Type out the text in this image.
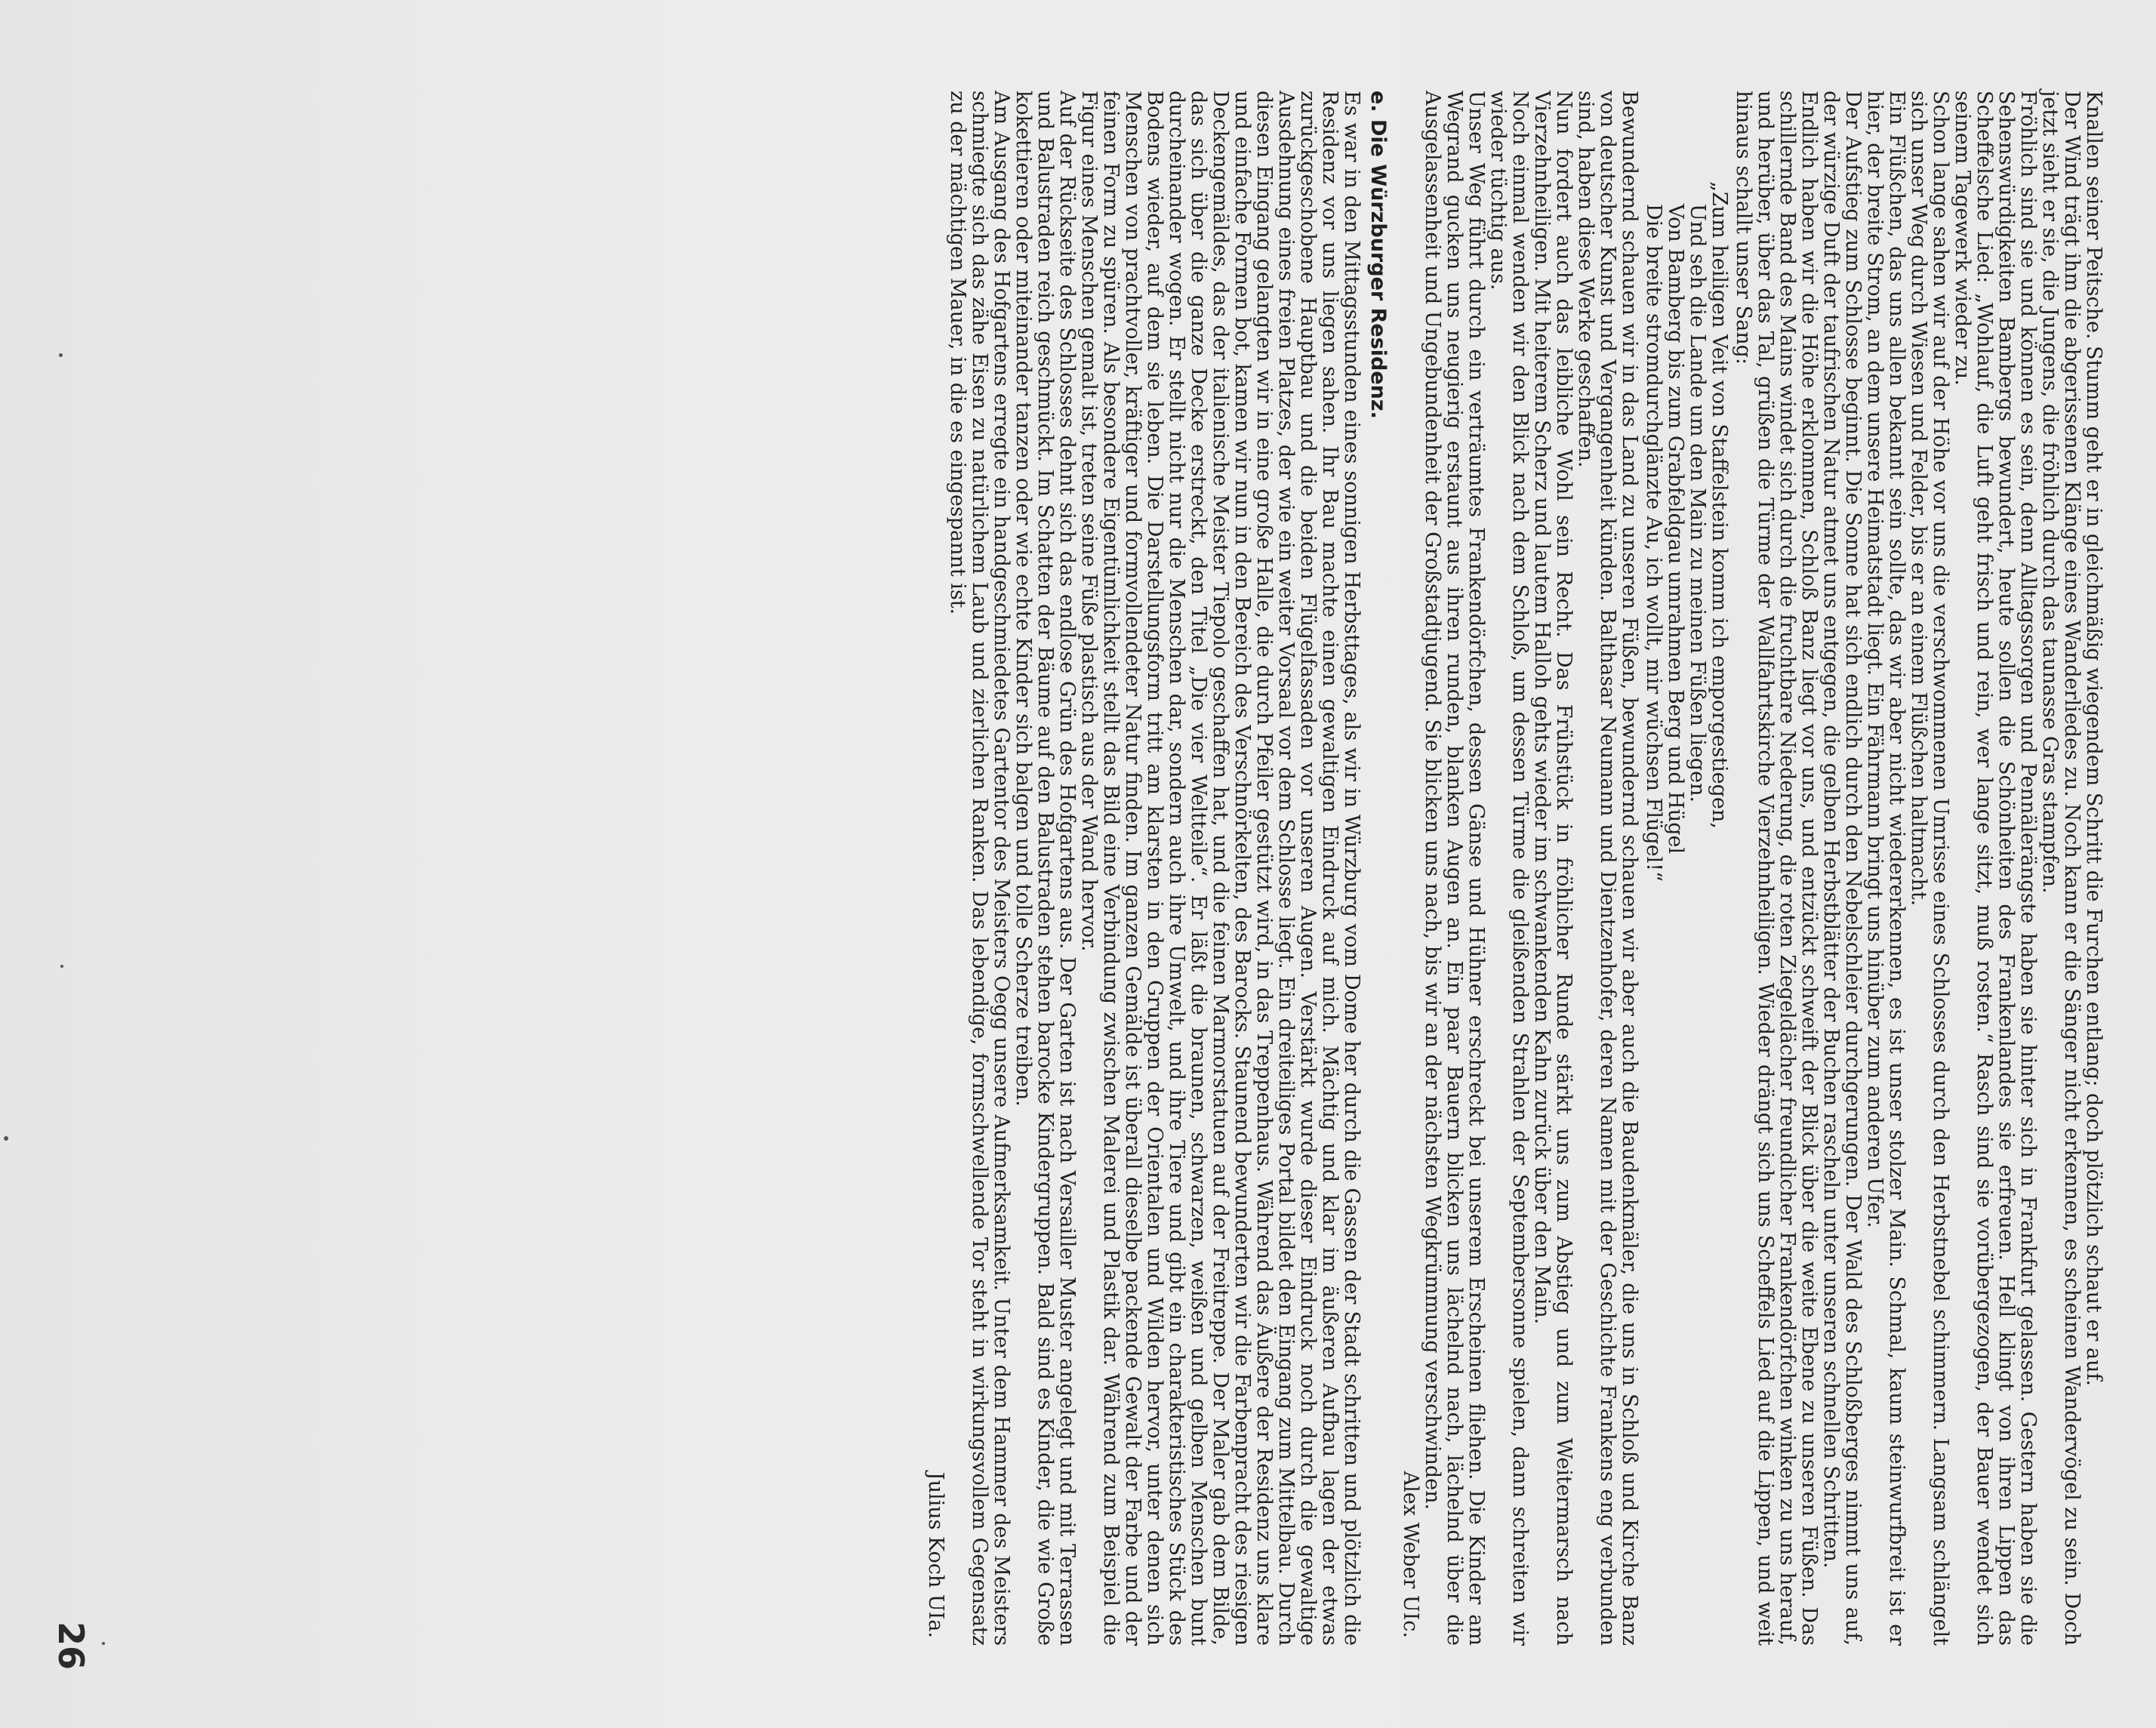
Knallen seiner Peitsche. Stumm geht er in gleichmäßig wiegendem Schritt die Furchen entlang; doch plötzlich schaut er auf.

Der Wind trägt ihm die abgerissenen Klänge eines Wanderliedes zu. Noch kann er die Sänger nicht erkennen, es scheinen Wandervögel zu sein. Doch jetzt sieht er sie, die Jungens, die fröhlich durch das taunasse Gras stampfen.

Fröhlich sind sie und können es sein, denn Alltagssorgen und Pennälerängste haben sie hinter sich in Frankfurt gelassen. Gestern haben sie die Sehenswürdigkeiten Bambergs bewundert, heute sollen die Schönheiten des Frankenlandes sie erfreuen. Hell klingt von ihren Lippen das Scheffelsche Lied: „Wohlauf, die Luft geht frisch und rein, wer lange sitzt, muß rosten.“ Rasch sind sie vorübergezogen, der Bauer wendet sich seinem Tagewerk wieder zu.

Schon lange sahen wir auf der Höhe vor uns die verschwommenen Umrisse eines Schlosses durch den Herbstnebel schimmern. Langsam schlängelt sich unser Weg durch Wiesen und Felder, bis er an einem Flüßchen haltmacht.

Ein Flüßchen, das uns allen bekannt sein sollte, das wir aber nicht wiedererkennen, es ist unser stolzer Main. Schmal, kaum steinwurfbreit ist er hier, der breite Strom, an dem unsere Heimatstadt liegt. Ein Fährmann bringt uns hinüber zum anderen Ufer.

Der Aufstieg zum Schlosse beginnt. Die Sonne hat sich endlich durch den Nebelschleier durchgerungen. Der Wald des Schloßberges nimmt uns auf, der würzige Duft der taufrischen Natur atmet uns entgegen, die gelben Herbstblätter der Buchen rascheln unter unseren schnellen Schritten.

Endlich haben wir die Höhe erklommen, Schloß Banz liegt vor uns, und entzückt schweift der Blick über die weite Ebene zu unseren Füßen. Das schillernde Band des Mains windet sich durch die fruchtbare Niederung, die roten Ziegeldächer freundlicher Frankendörfchen winken zu uns herauf, und herüber, über das Tal, grüßen die Türme der Wallfahrtskirche Vierzehnheiligen. Wieder drängt sich uns Scheffels Lied auf die Lippen, und weit hinaus schallt unser Sang:

„Zum heiligen Veit von Staffelstein komm ich emporgestiegen,
Und seh die Lande um den Main zu meinen Füßen liegen.
Von Bamberg bis zum Grabfeldgau umrahmen Berg und Hügel
Die breite stromdurchglänzte Au, ich wollt, mir wüchsen Flügel!“

Bewundernd schauen wir in das Land zu unseren Füßen, bewundernd schauen wir aber auch die Baudenkmäler, die uns in Schloß und Kirche Banz von deutscher Kunst und Vergangenheit künden. Balthasar Neumann und Dientzenhofer, deren Namen mit der Geschichte Frankens eng verbunden sind, haben diese Werke geschaffen.

Nun fordert auch das leibliche Wohl sein Recht. Das Frühstück in fröhlicher Runde stärkt uns zum Abstieg und zum Weitermarsch nach Vierzehnheiligen. Mit heiterem Scherz und lautem Halloh gehts wieder im schwankenden Kahn zurück über den Main.

Noch einmal wenden wir den Blick nach dem Schloß, um dessen Türme die gleißenden Strahlen der Septembersonne spielen, dann schreiten wir wieder tüchtig aus.

Unser Weg führt durch ein verträumtes Frankendörfchen, dessen Gänse und Hühner erschreckt bei unserem Erscheinen fliehen. Die Kinder am Wegrand gucken uns neugierig erstaunt aus ihren runden, blanken Augen an. Ein paar Bauern blicken uns lächelnd nach, lächelnd über die Ausgelassenheit und Ungebundenheit der Großstadtjugend. Sie blicken uns nach, bis wir an der nächsten Wegkrümmung verschwinden.

Alex Weber UIc.

e. Die Würzburger Residenz.

Es war in den Mittagsstunden eines sonnigen Herbsttages, als wir in Würzburg vom Dome her durch die Gassen der Stadt schritten und plötzlich die Residenz vor uns liegen sahen. Ihr Bau machte einen gewaltigen Eindruck auf mich. Mächtig und klar im äußeren Aufbau lagen der etwas zurückgeschobene Hauptbau und die beiden Flügelfassaden vor unseren Augen. Verstärkt wurde dieser Eindruck noch durch die gewaltige Ausdehnung eines freien Platzes, der wie ein weiter Vorsaal vor dem Schlosse liegt. Ein dreiteiliges Portal bildet den Eingang zum Mittelbau. Durch diesen Eingang gelangten wir in eine große Halle, die durch Pfeiler gestützt wird, in das Treppenhaus. Während das Äußere der Residenz uns klare und einfache Formen bot, kamen wir nun in den Bereich des Verschnörkelten, des Barocks. Staunend bewunderten wir die Farbenpracht des riesigen Deckengemäldes, das der italienische Meister Tiepolo geschaffen hat, und die feinen Marmorstatuen auf der Freitreppe. Der Maler gab dem Bilde, das sich über die ganze Decke erstreckt, den Titel „Die vier Weltteile“. Er läßt die braunen, schwarzen, weißen und gelben Menschen bunt durcheinander wogen. Er stellt nicht nur die Menschen dar, sondern auch ihre Umwelt, und ihre Tiere und gibt ein charakteristisches Stück des Bodens wieder, auf dem sie leben. Die Darstellungsform tritt am klarsten in den Gruppen der Orientalen und Wilden hervor, unter denen sich Menschen von prachtvoller, kräftiger und formvollendeter Natur finden. Im ganzen Gemälde ist überall dieselbe packende Gewalt der Farbe und der feinen Form zu spüren. Als besondere Eigentümlichkeit stellt das Bild eine Verbindung zwischen Malerei und Plastik dar. Während zum Beispiel die Figur eines Menschen gemalt ist, treten seine Füße plastisch aus der Wand hervor.

Auf der Rückseite des Schlosses dehnt sich das endlose Grün des Hofgartens aus. Der Garten ist nach Versailler Muster angelegt und mit Terrassen und Balustraden reich geschmückt. Im Schatten der Bäume auf den Balustraden stehen barocke Kindergruppen. Bald sind es Kinder, die wie Große kokettieren oder miteinander tanzen oder wie echte Kinder sich balgen und tolle Scherze treiben.

Am Ausgang des Hofgartens erregte ein handgeschmiedetes Gartentor des Meisters Oegg unsere Aufmerksamkeit. Unter dem Hammer des Meisters schmiegte sich das zähe Eisen zu natürlichem Laub und zierlichen Ranken. Das lebendige, formschwellende Tor steht in wirkungsvollem Gegensatz zu der mächtigen Mauer, in die es eingespannt ist.

Julius Koch UIa.

26
